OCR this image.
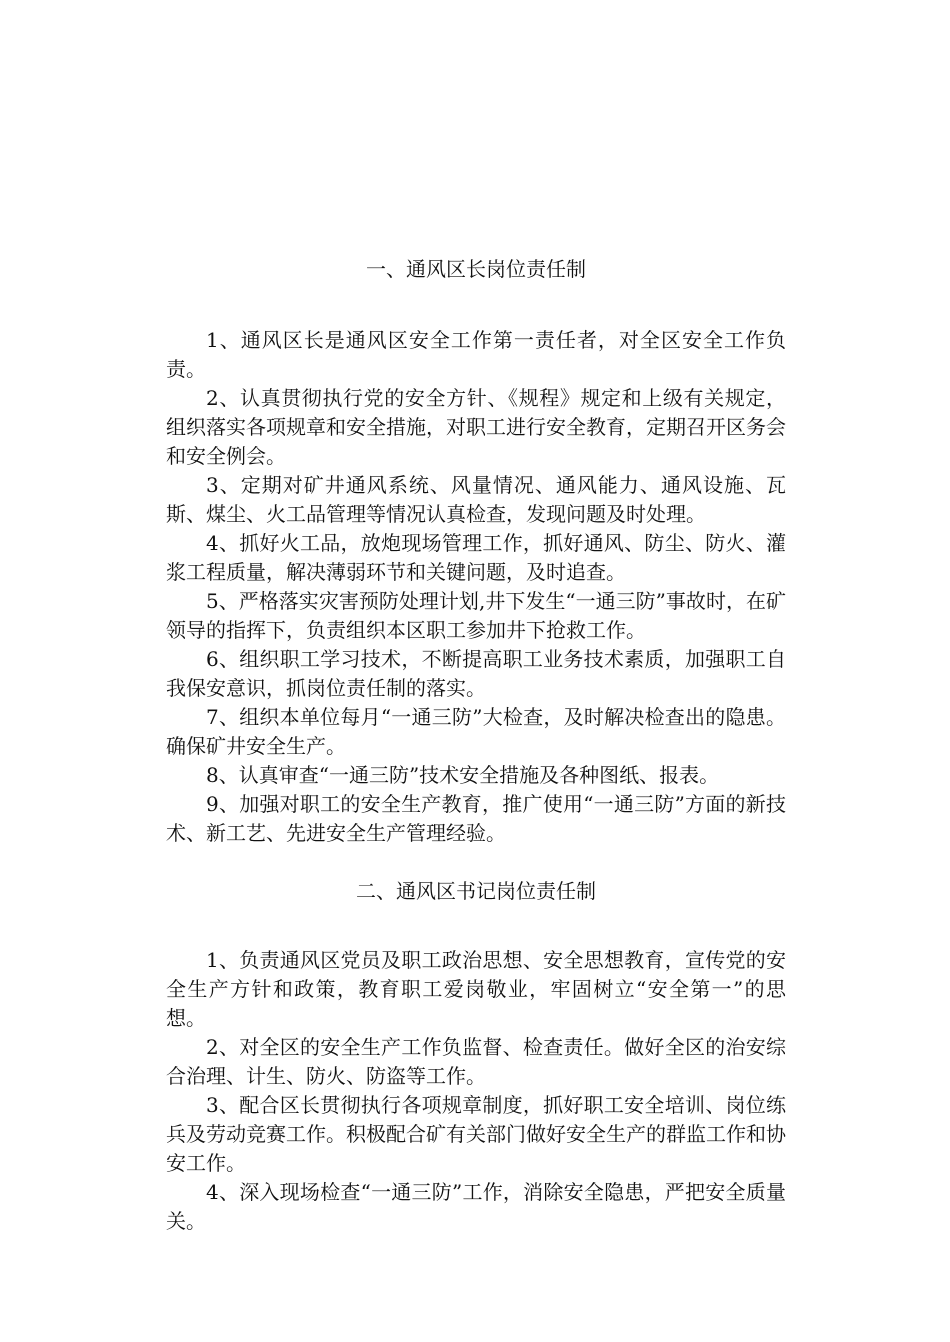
一、通风区长岗位责任制

1、通风区长是通风区安全工作第一责任者，对全区安全工作负责。

2、认真贯彻执行党的安全方针、《规程》规定和上级有关规定，组织落实各项规章和安全措施，对职工进行安全教育，定期召开区务会和安全例会。

3、定期对矿井通风系统、风量情况、通风能力、通风设施、瓦斯、煤尘、火工品管理等情况认真检查，发现问题及时处理。

4、抓好火工品，放炮现场管理工作，抓好通风、防尘、防火、灌浆工程质量，解决薄弱环节和关键问题，及时追查。

5、严格落实灾害预防处理计划,井下发生“一通三防”事故时，在矿领导的指挥下，负责组织本区职工参加井下抢救工作。

6、组织职工学习技术，不断提高职工业务技术素质，加强职工自我保安意识，抓岗位责任制的落实。

7、组织本单位每月“一通三防”大检查，及时解决检查出的隐患。确保矿井安全生产。

8、认真审查“一通三防”技术安全措施及各种图纸、报表。

9、加强对职工的安全生产教育，推广使用“一通三防”方面的新技术、新工艺、先进安全生产管理经验。

二、通风区书记岗位责任制

1、负责通风区党员及职工政治思想、安全思想教育，宣传党的安全生产方针和政策，教育职工爱岗敬业，牢固树立“安全第一”的思想。

2、对全区的安全生产工作负监督、检查责任。做好全区的治安综合治理、计生、防火、防盗等工作。

3、配合区长贯彻执行各项规章制度，抓好职工安全培训、岗位练兵及劳动竞赛工作。积极配合矿有关部门做好安全生产的群监工作和协安工作。

4、深入现场检查“一通三防”工作，消除安全隐患，严把安全质量关。
